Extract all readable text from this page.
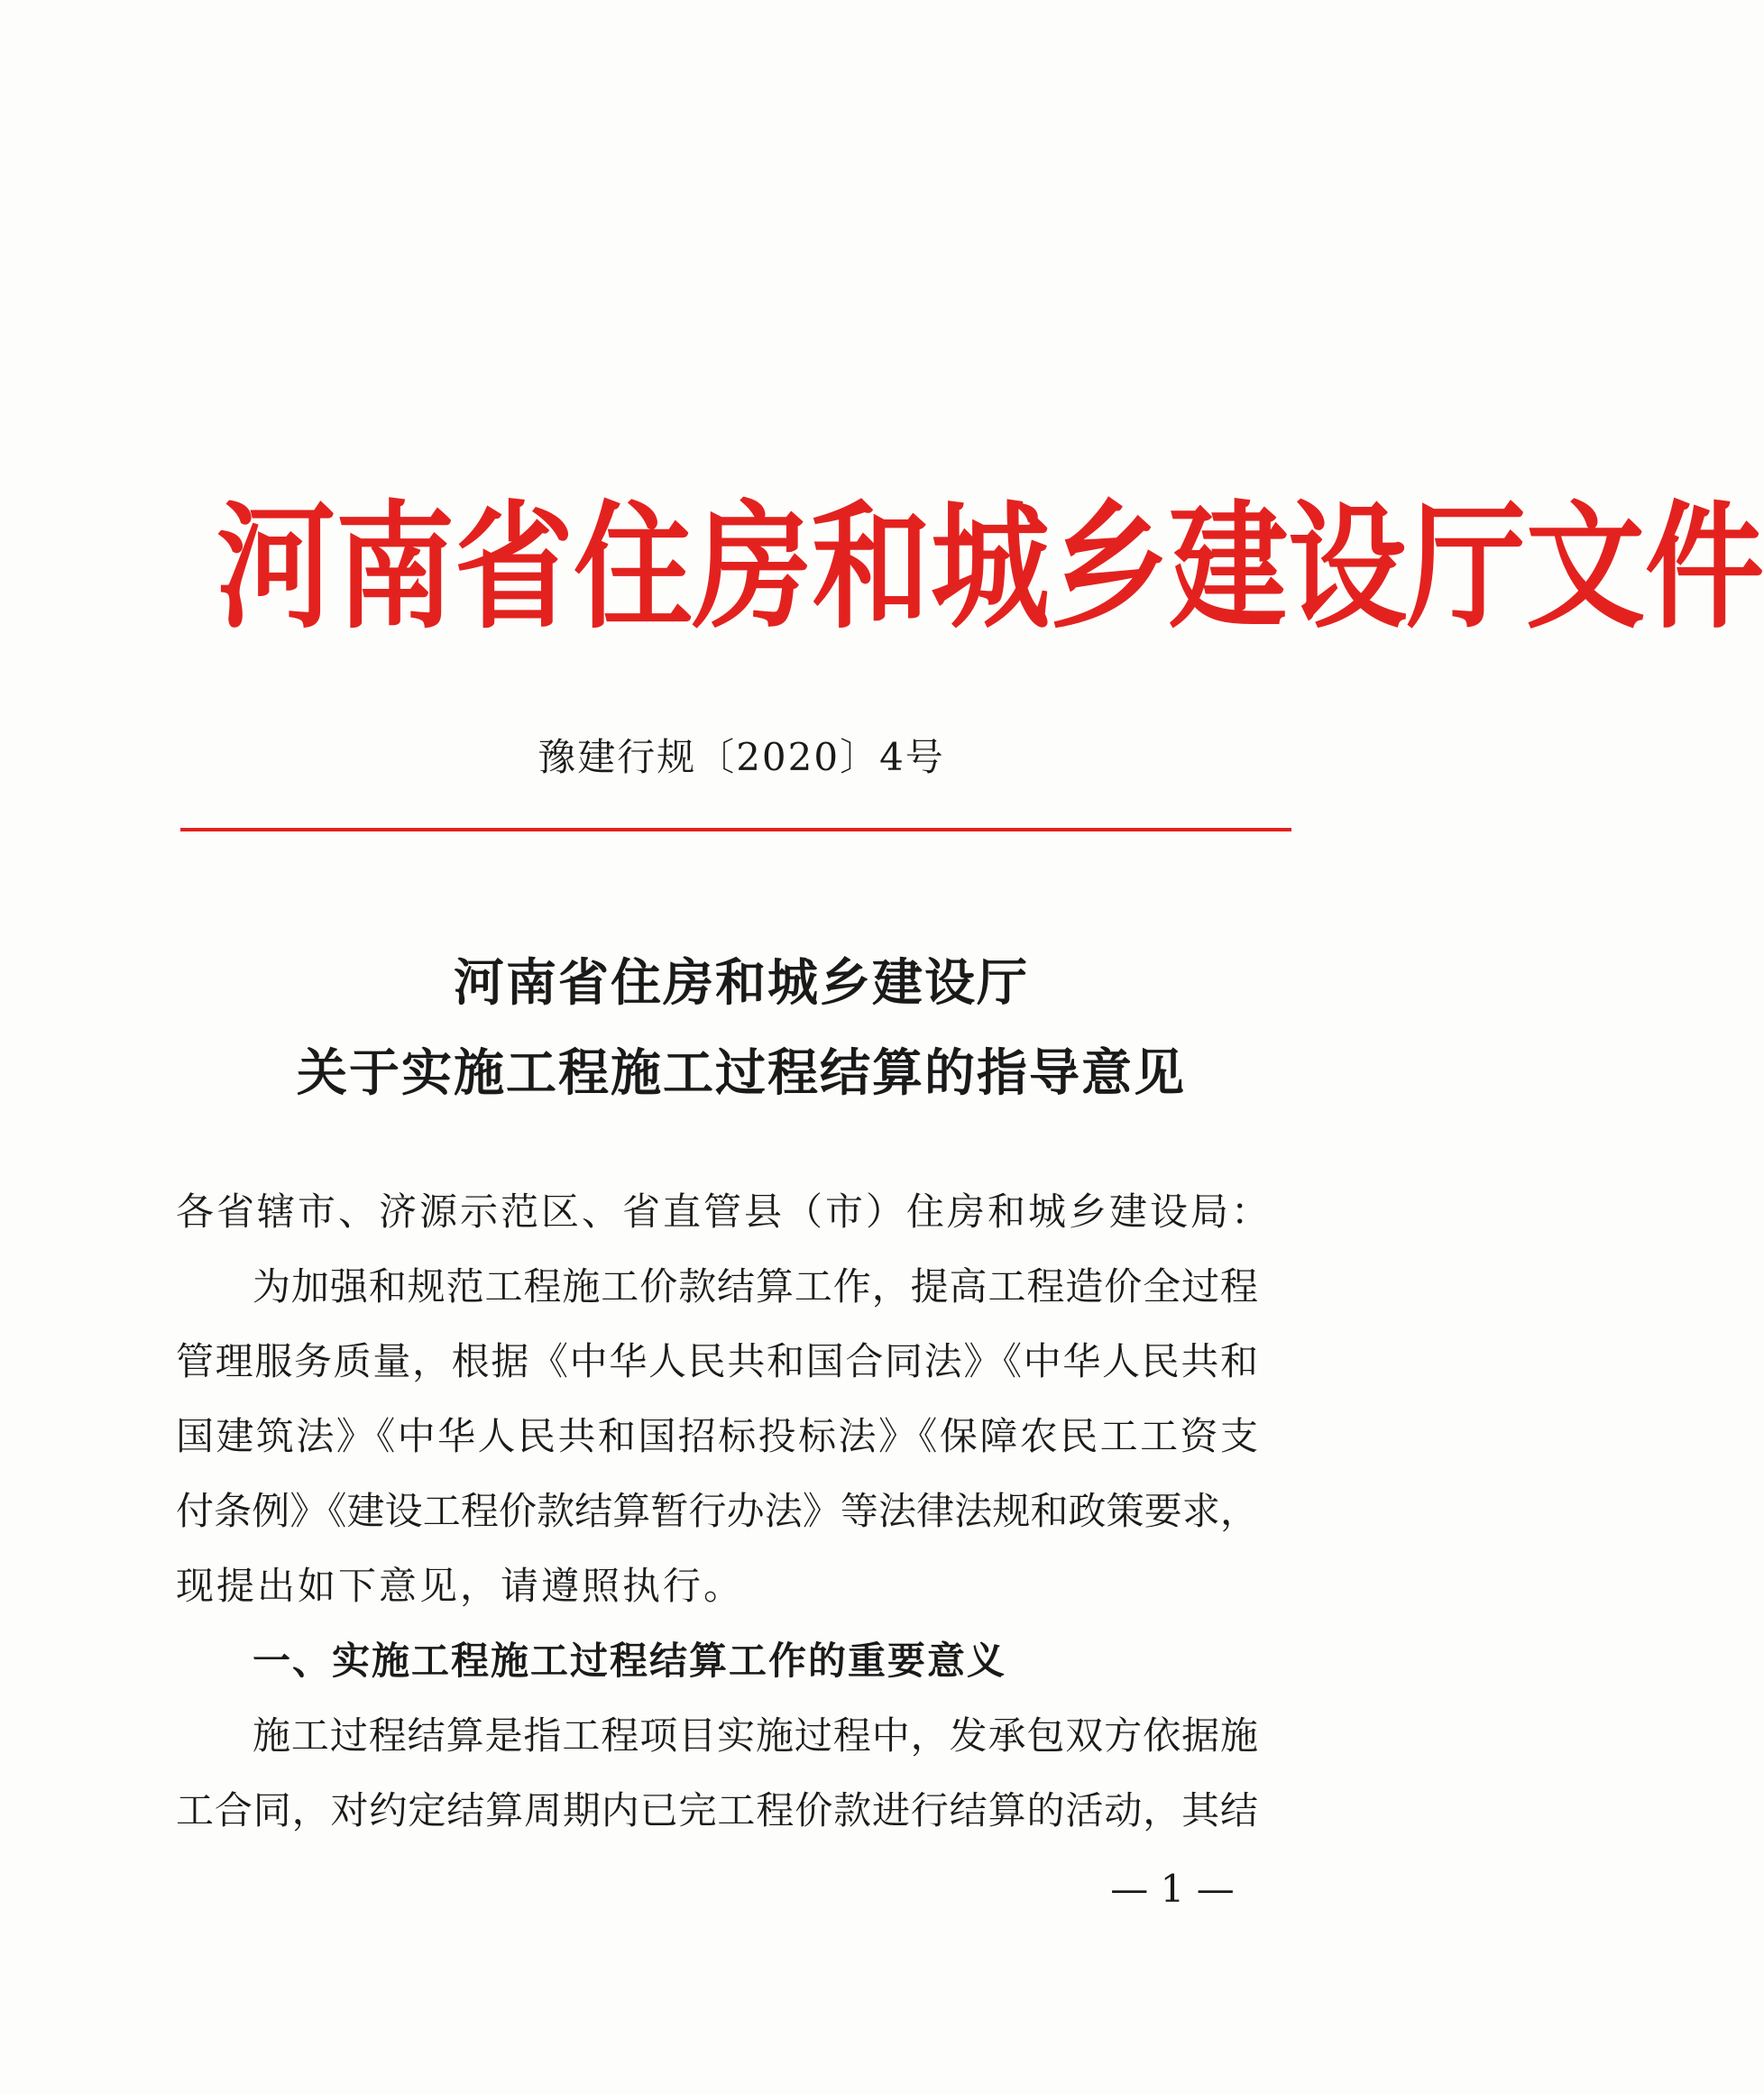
河 南 省 住 房 和 城 乡 建 设 厅 文 件
豫建行规〔2020〕4号
河南省住房和城乡建设厅
关于实施工程施工过程结算的指导意见
各省辖市、济源示范区、省直管县（市）住房和城乡建设局：
为加强和规范工程施工价款结算工作，提高工程造价全过程
管理服务质量，根据《中华人民共和国合同法》《中华人民共和
国建筑法》《中华人民共和国招标投标法》《保障农民工工资支
付条例》《建设工程价款结算暂行办法》等法律法规和政策要求，
现提出如下意见，请遵照执行。
一、实施工程施工过程结算工作的重要意义
施工过程结算是指工程项目实施过程中，发承包双方依据施
工合同，对约定结算周期内已完工程价款进行结算的活动，其结
— 1 —
